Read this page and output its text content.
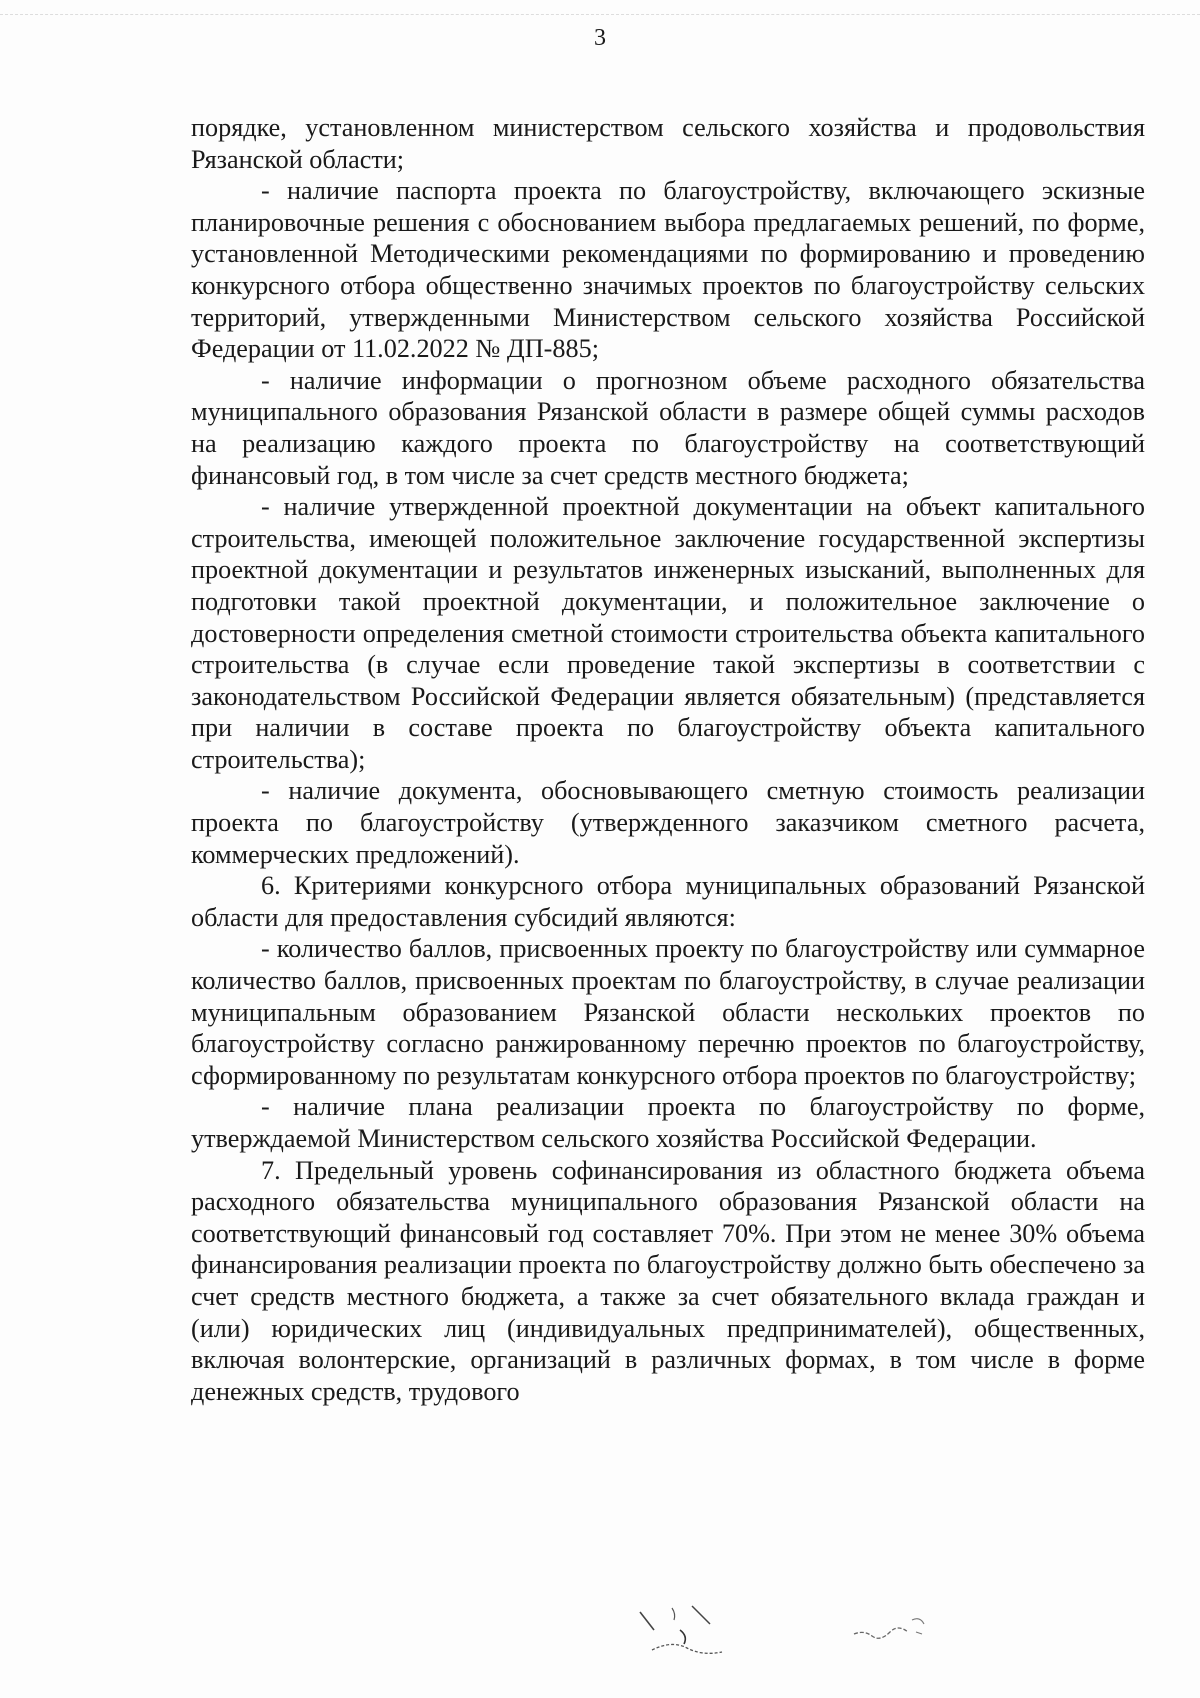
3

порядке, установленном министерством сельского хозяйства и продовольствия Рязанской области;

- наличие паспорта проекта по благоустройству, включающего эскизные планировочные решения с обоснованием выбора предлагаемых решений, по форме, установленной Методическими рекомендациями по формированию и проведению конкурсного отбора общественно значимых проектов по благоустройству сельских территорий, утвержденными Министерством сельского хозяйства Российской Федерации от 11.02.2022 № ДП-885;

- наличие информации о прогнозном объеме расходного обязательства муниципального образования Рязанской области в размере общей суммы расходов на реализацию каждого проекта по благоустройству на соответствующий финансовый год, в том числе за счет средств местного бюджета;

- наличие утвержденной проектной документации на объект капитального строительства, имеющей положительное заключение государственной экспертизы проектной документации и результатов инженерных изысканий, выполненных для подготовки такой проектной документации, и положительное заключение о достоверности определения сметной стоимости строительства объекта капитального строительства (в случае если проведение такой экспертизы в соответствии с законодательством Российской Федерации является обязательным) (представляется при наличии в составе проекта по благоустройству объекта капитального строительства);

- наличие документа, обосновывающего сметную стоимость реализации проекта по благоустройству (утвержденного заказчиком сметного расчета, коммерческих предложений).

6. Критериями конкурсного отбора муниципальных образований Рязанской области для предоставления субсидий являются:

- количество баллов, присвоенных проекту по благоустройству или суммарное количество баллов, присвоенных проектам по благоустройству, в случае реализации муниципальным образованием Рязанской области нескольких проектов по благоустройству согласно ранжированному перечню проектов по благоустройству, сформированному по результатам конкурсного отбора проектов по благоустройству;

- наличие плана реализации проекта по благоустройству по форме, утверждаемой Министерством сельского хозяйства Российской Федерации.

7. Предельный уровень софинансирования из областного бюджета объема расходного обязательства муниципального образования Рязанской области на соответствующий финансовый год составляет 70%. При этом не менее 30% объема финансирования реализации проекта по благоустройству должно быть обеспечено за счет средств местного бюджета, а также за счет обязательного вклада граждан и (или) юридических лиц (индивидуальных предпринимателей), общественных, включая волонтерские, организаций в различных формах, в том числе в форме денежных средств, трудового
